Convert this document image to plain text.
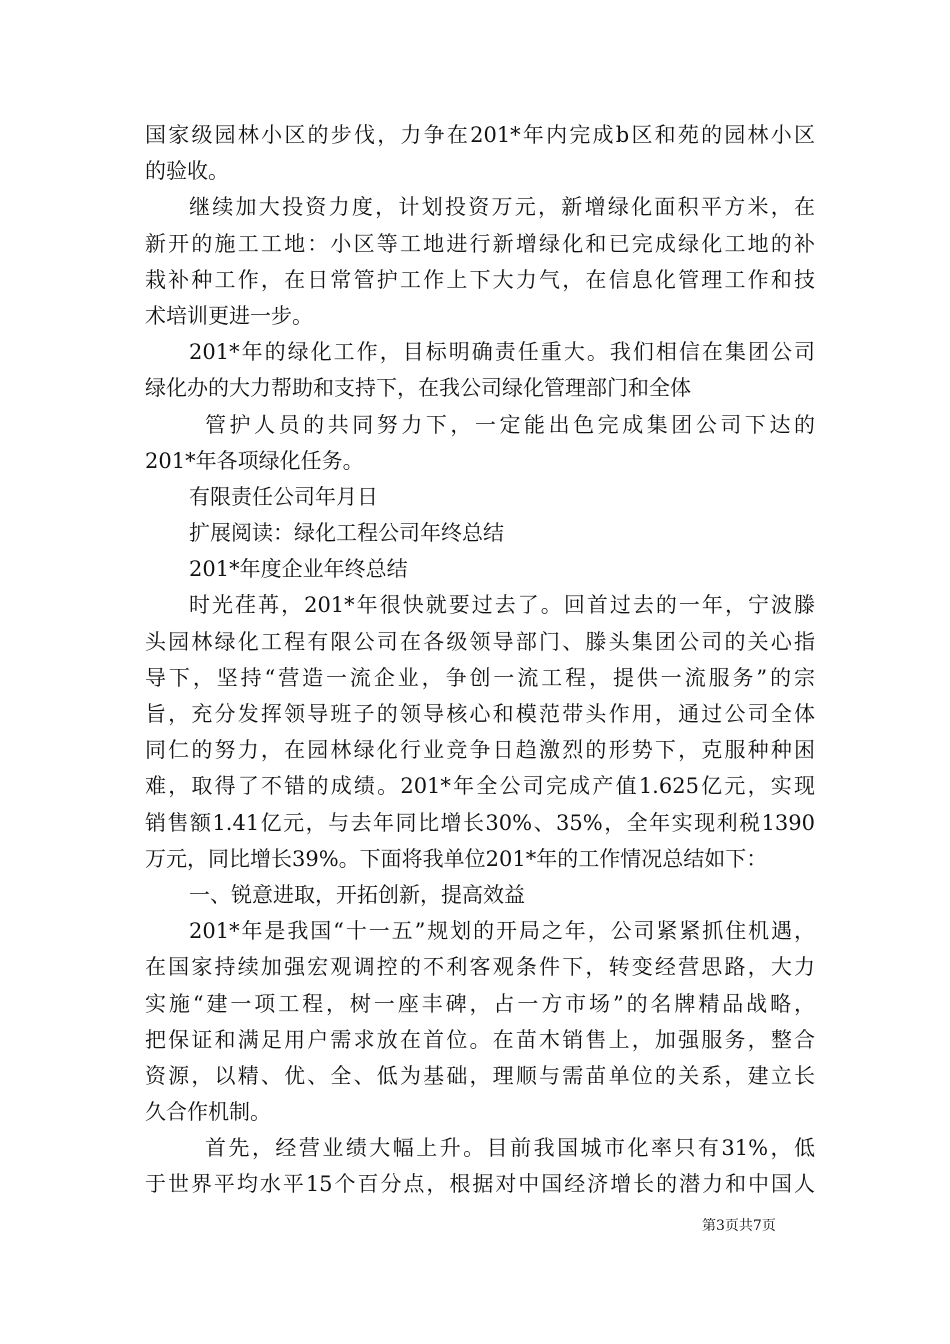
国家级园林小区的步伐，力争在201*年内完成b区和苑的园林小区
的验收。
继续加大投资力度，计划投资万元，新增绿化面积平方米，在
新开的施工工地：小区等工地进行新增绿化和已完成绿化工地的补
栽补种工作，在日常管护工作上下大力气，在信息化管理工作和技
术培训更进一步。
201*年的绿化工作，目标明确责任重大。我们相信在集团公司
绿化办的大力帮助和支持下，在我公司绿化管理部门和全体
管护人员的共同努力下，一定能出色完成集团公司下达的
201*年各项绿化任务。
有限责任公司年月日
扩展阅读：绿化工程公司年终总结
201*年度企业年终总结
时光荏苒，201*年很快就要过去了。回首过去的一年，宁波滕
头园林绿化工程有限公司在各级领导部门、滕头集团公司的关心指
导下，坚持“营造一流企业，争创一流工程，提供一流服务”的宗
旨，充分发挥领导班子的领导核心和模范带头作用，通过公司全体
同仁的努力，在园林绿化行业竞争日趋激烈的形势下，克服种种困
难，取得了不错的成绩。201*年全公司完成产值1.625亿元，实现
销售额1.41亿元，与去年同比增长30%、35%，全年实现利税1390
万元，同比增长39%。下面将我单位201*年的工作情况总结如下：
一、锐意进取，开拓创新，提高效益
201*年是我国“十一五”规划的开局之年，公司紧紧抓住机遇，
在国家持续加强宏观调控的不利客观条件下，转变经营思路，大力
实施“建一项工程，树一座丰碑，占一方市场”的名牌精品战略，
把保证和满足用户需求放在首位。在苗木销售上，加强服务，整合
资源，以精、优、全、低为基础，理顺与需苗单位的关系，建立长
久合作机制。
首先，经营业绩大幅上升。目前我国城市化率只有31%，低
于世界平均水平15个百分点，根据对中国经济增长的潜力和中国人
第3页共7页
